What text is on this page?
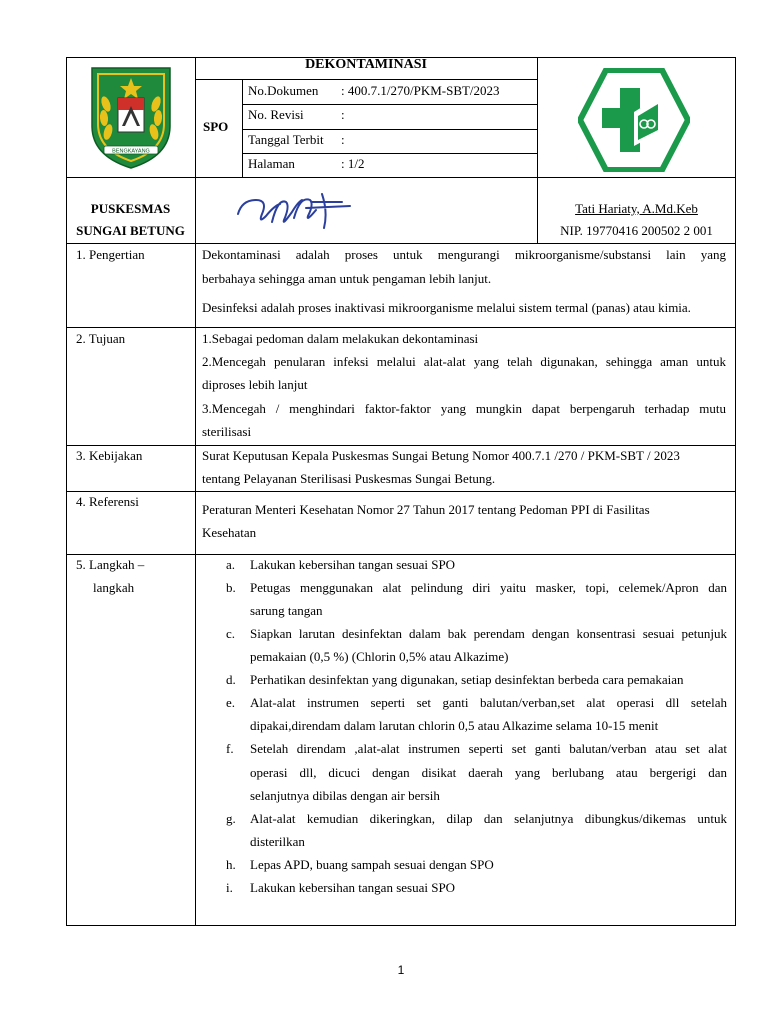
BENGKAYANG
DEKONTAMINASI
SPO
No.Dokumen : 400.7.1/270/PKM-SBT/2023
No. Revisi	:
Tanggal Terbit :
Halaman	: 1/2
PUSKESMAS
SUNGAI BETUNG
Tati Hariaty, A.Md.Keb
NIP. 19770416 200502 2 001
1. Pengertian	Dekontaminasi adalah proses untuk mengurangi mikroorganisme/substansi lain yang
berbahaya sehingga aman untuk pengaman lebih lanjut.
Desinfeksi adalah proses inaktivasi mikroorganisme melalui sistem termal (panas) atau kimia.
2. Tujuan	1.Sebagai pedoman dalam melakukan dekontaminasi
2.Mencegah penularan infeksi melalui alat-alat yang telah digunakan, sehingga aman untuk
diproses lebih lanjut
3.Mencegah / menghindari faktor-faktor yang mungkin dapat berpengaruh terhadap mutu
sterilisasi
3. Kebijakan	Surat Keputusan Kepala Puskesmas Sungai Betung Nomor 400.7.1 /270 / PKM-SBT / 2023
tentang Pelayanan Sterilisasi Puskesmas Sungai Betung.
4. Referensi
Peraturan Menteri Kesehatan Nomor 27 Tahun 2017 tentang Pedoman PPI di Fasilitas
Kesehatan
5. Langkah –
langkah
a. Lakukan kebersihan tangan sesuai SPO
b. Petugas menggunakan alat pelindung diri yaitu masker, topi, celemek/Apron dan
sarung tangan
c. Siapkan larutan desinfektan dalam bak perendam dengan konsentrasi sesuai petunjuk
pemakaian (0,5 %) (Chlorin 0,5% atau Alkazime)
d. Perhatikan desinfektan yang digunakan, setiap desinfektan berbeda cara pemakaian
e. Alat-alat instrumen seperti set ganti balutan/verban,set alat operasi dll setelah
dipakai,direndam dalam larutan chlorin 0,5 atau Alkazime selama 10-15 menit
f. Setelah direndam ,alat-alat instrumen seperti set ganti balutan/verban atau set alat
operasi dll, dicuci dengan disikat daerah yang berlubang atau bergerigi dan
selanjutnya dibilas dengan air bersih
g. Alat-alat kemudian dikeringkan, dilap dan selanjutnya dibungkus/dikemas untuk
disterilkan
h. Lepas APD, buang sampah sesuai dengan SPO
i. Lakukan kebersihan tangan sesuai SPO
1
